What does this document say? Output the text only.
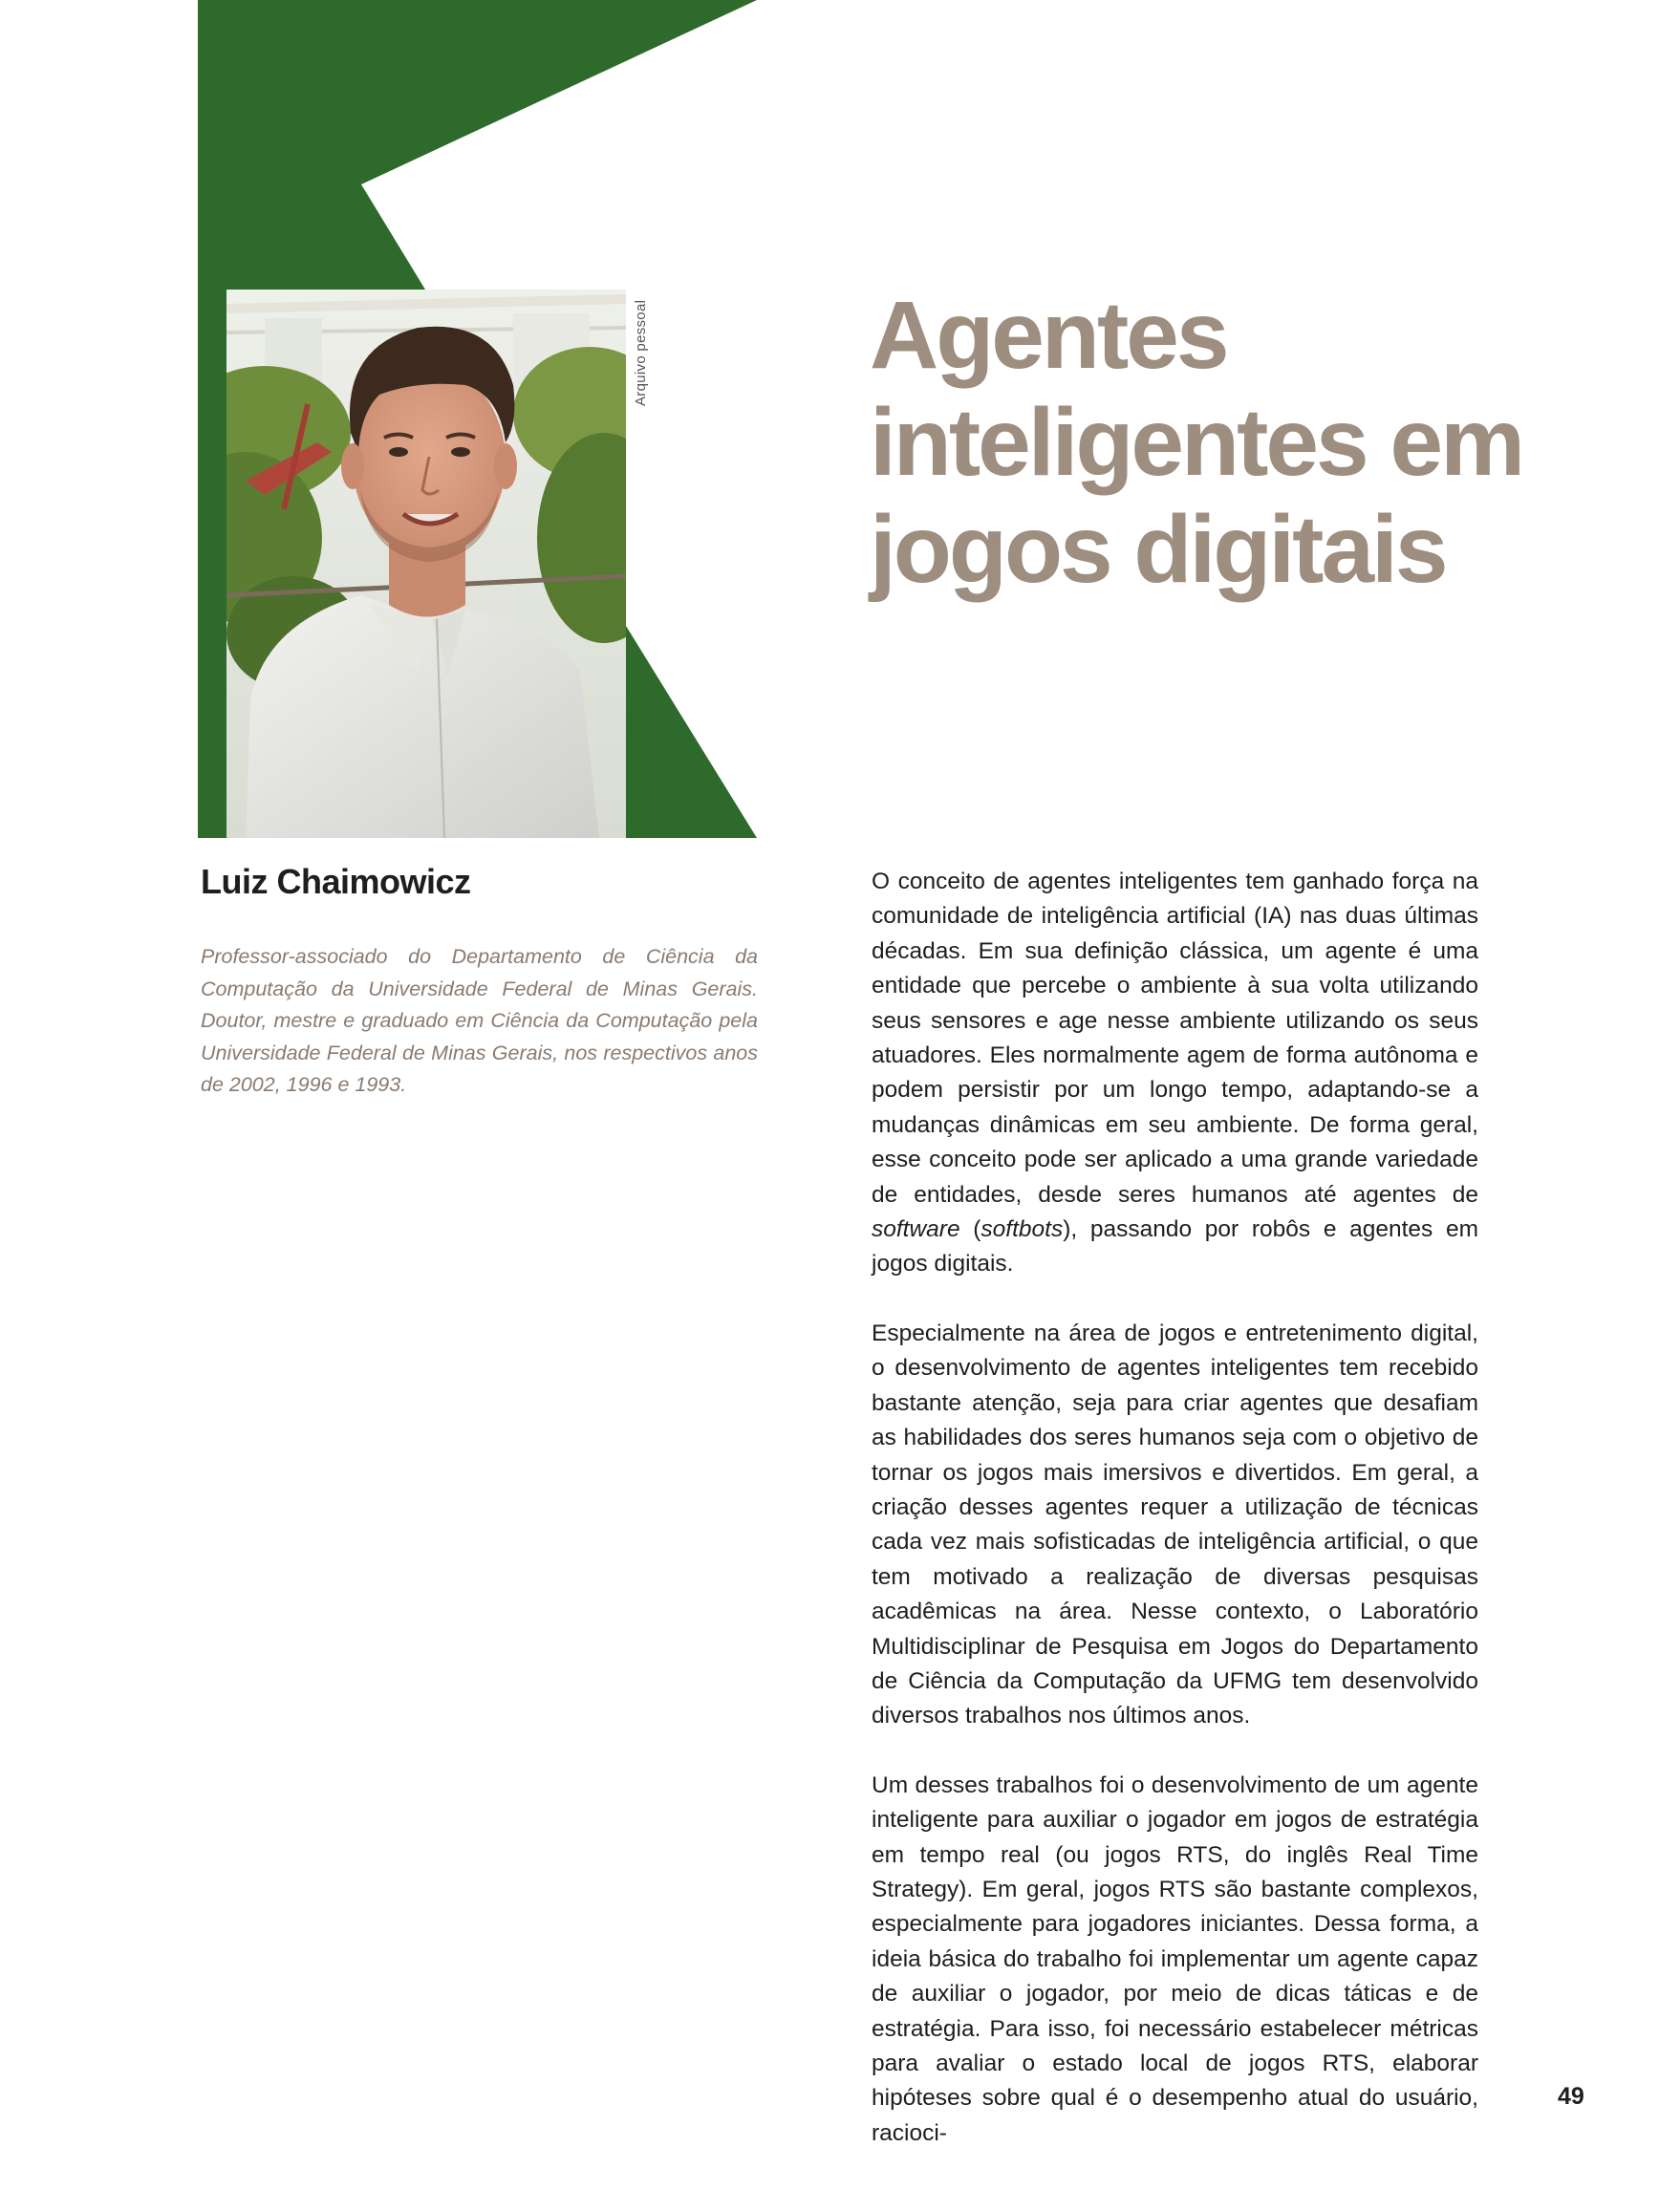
Arquivo pessoal Agentes
inteligentes em
jogos digitais
Luiz Chaimowicz

Professor-associado do Departamento de Ciência da Computação da Universidade Federal de Minas Gerais. Doutor, mestre e graduado em Ciência da Computação pela Universidade Federal de Minas Gerais, nos respectivos anos de 2002, 1996 e 1993.

O conceito de agentes inteligentes tem ganhado força na comunidade de inteligência artificial (IA) nas duas últimas décadas. Em sua definição clássica, um agente é uma entidade que percebe o ambiente à sua volta utilizando seus sensores e age nesse ambiente utilizando os seus atuadores. Eles normalmente agem de forma autônoma e podem persistir por um longo tempo, adaptando-se a mudanças dinâmicas em seu ambiente. De forma geral, esse conceito pode ser aplicado a uma grande variedade de entidades, desde seres humanos até agentes de software (softbots), passando por robôs e agentes em jogos digitais.

Especialmente na área de jogos e entretenimento digital, o desenvolvimento de agentes inteligentes tem recebido bastante atenção, seja para criar agentes que desafiam as habilidades dos seres humanos seja com o objetivo de tornar os jogos mais imersivos e divertidos. Em geral, a criação desses agentes requer a utilização de técnicas cada vez mais sofisticadas de inteligência artificial, o que tem motivado a realização de diversas pesquisas acadêmicas na área. Nesse contexto, o Laboratório Multidisciplinar de Pesquisa em Jogos do Departamento de Ciência da Computação da UFMG tem desenvolvido diversos trabalhos nos últimos anos.

Um desses trabalhos foi o desenvolvimento de um agente inteligente para auxiliar o jogador em jogos de estratégia em tempo real (ou jogos RTS, do inglês Real Time Strategy). Em geral, jogos RTS são bastante complexos, especialmente para jogadores iniciantes. Dessa forma, a ideia básica do trabalho foi implementar um agente capaz de auxiliar o jogador, por meio de dicas táticas e de estratégia. Para isso, foi necessário estabelecer métricas para avaliar o estado local de jogos RTS, elaborar hipóteses sobre qual é o desempenho atual do usuário, racioci-

49
